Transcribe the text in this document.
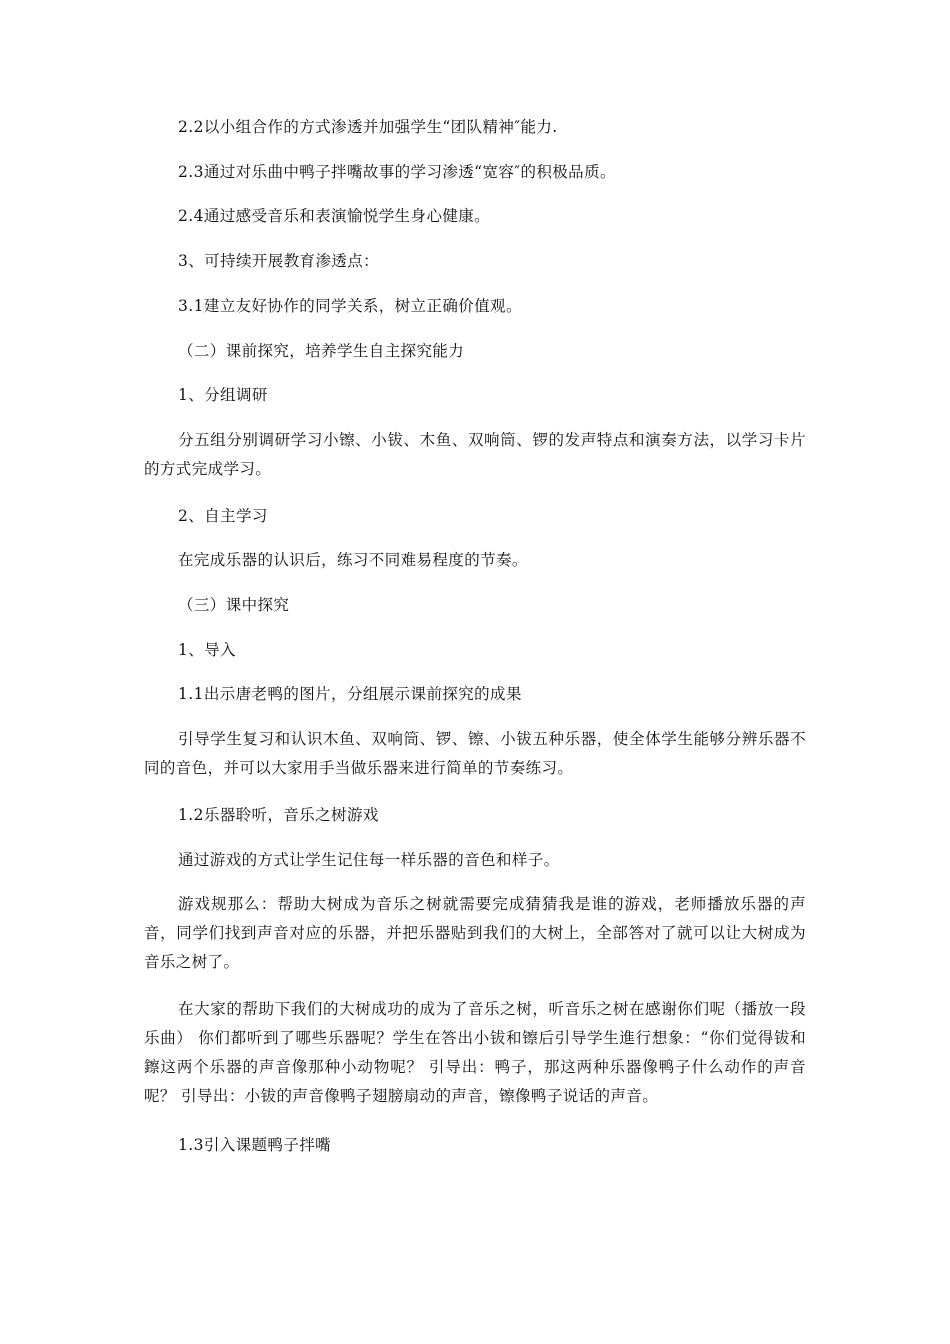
2.2以小组合作的方式渗透并加强学生“团队精神″能力.

2.3通过对乐曲中鸭子拌嘴故事的学习渗透“宽容″的积极品质。

2.4通过感受音乐和表演愉悦学生身心健康。

3、可持续开展教育渗透点：

3.1建立友好协作的同学关系，树立正确价值观。

（二）课前探究，培养学生自主探究能力

1、分组调研

分五组分别调研学习小镲、小钹、木鱼、双响筒、锣的发声特点和演奏方法，以学习卡片的方式完成学习。

2、自主学习

在完成乐器的认识后，练习不同难易程度的节奏。

（三）课中探究

1、导入

1.1出示唐老鸭的图片，分组展示课前探究的成果

引导学生复习和认识木鱼、双响筒、锣、镲、小钹五种乐器，使全体学生能够分辨乐器不同的音色，并可以大家用手当做乐器来进行简单的节奏练习。

1.2乐器聆听，音乐之树游戏

通过游戏的方式让学生记住每一样乐器的音色和样子。

游戏规那么：帮助大树成为音乐之树就需要完成猜猜我是谁的游戏，老师播放乐器的声音，同学们找到声音对应的乐器，并把乐器贴到我们的大树上，全部答对了就可以让大树成为音乐之树了。

在大家的帮助下我们的大树成功的成为了音乐之树，听音乐之树在感谢你们呢（播放一段乐曲） 你们都听到了哪些乐器呢？学生在答出小钹和镲后引导学生進行想象：“你们觉得钹和鑔这两个乐器的声音像那种小动物呢？ 引导出：鸭子，那这两种乐器像鸭子什么动作的声音呢？ 引导出：小钹的声音像鸭子翅膀扇动的声音，镲像鸭子说话的声音。

1.3引入课题鸭子拌嘴
